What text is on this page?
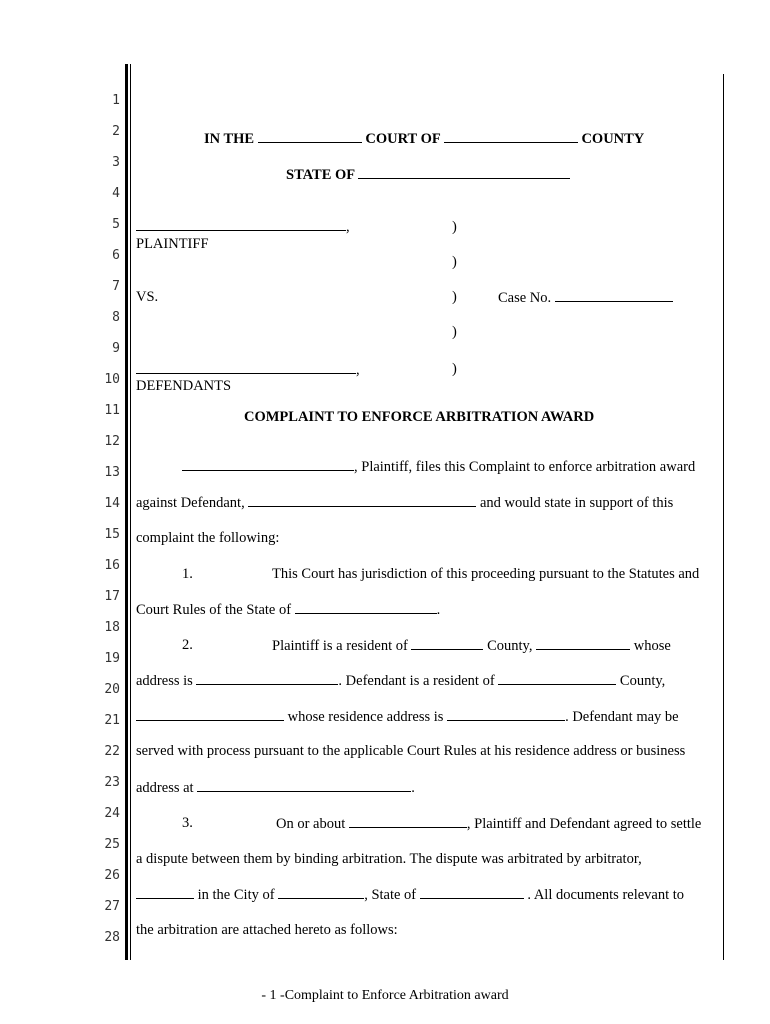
1
2
3
4
5
6
7
8
9
10
11
12
13
14
15
16
17
18
19
20
21
22
23
24
25
26
27
28
IN THE	COURT OF	COUNTY
STATE OF
,
PLAINTIFF
)
)
VS.	)	Case No.
)
,	)
DEFENDANTS
COMPLAINT TO ENFORCE ARBITRATION AWARD
, Plaintiff, files this Complaint to enforce arbitration award
against Defendant,	and would state in support of this
complaint the following:
1.	This Court has jurisdiction of this proceeding pursuant to the Statutes and
Court Rules of the State of	.
2.	Plaintiff is a resident of	County,	whose
address is	. Defendant is a resident of	County,
whose residence address is	. Defendant may be
served with process pursuant to the applicable Court Rules at his residence address or business
address at	.
3.	On or about	, Plaintiff and Defendant agreed to settle
a dispute between them by binding arbitration. The dispute was arbitrated by arbitrator,
in the City of	, State of	. All documents relevant to
the arbitration are attached hereto as follows:
- 1 -Complaint to Enforce Arbitration award
